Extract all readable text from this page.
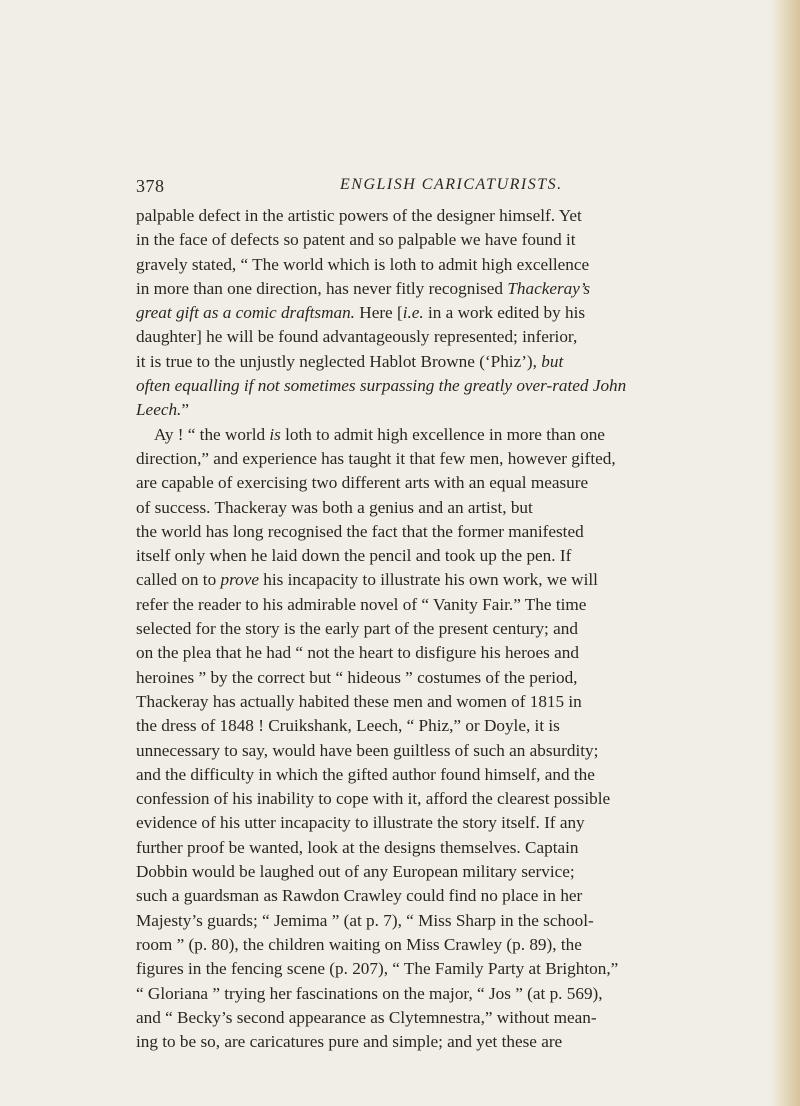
378	ENGLISH CARICATURISTS.
palpable defect in the artistic powers of the designer himself. Yet
in the face of defects so patent and so palpable we have found it
gravely stated, “ The world which is loth to admit high excellence
in more than one direction, has never fitly recognised Thackeray’s
great gift as a comic draftsman. Here [i.e. in a work edited by his
daughter] he will be found advantageously represented; inferior,
it is true to the unjustly neglected Hablot Browne (‘Phiz’), but
often equalling if not sometimes surpassing the greatly over-rated John
Leech.”
Ay ! “ the world is loth to admit high excellence in more than one
direction,” and experience has taught it that few men, however gifted,
are capable of exercising two different arts with an equal measure
of success. Thackeray was both a genius and an artist, but
the world has long recognised the fact that the former manifested
itself only when he laid down the pencil and took up the pen. If
called on to prove his incapacity to illustrate his own work, we will
refer the reader to his admirable novel of “ Vanity Fair.” The time
selected for the story is the early part of the present century; and
on the plea that he had “ not the heart to disfigure his heroes and
heroines ” by the correct but “ hideous ” costumes of the period,
Thackeray has actually habited these men and women of 1815 in
the dress of 1848 ! Cruikshank, Leech, “ Phiz,” or Doyle, it is
unnecessary to say, would have been guiltless of such an absurdity;
and the difficulty in which the gifted author found himself, and the
confession of his inability to cope with it, afford the clearest possible
evidence of his utter incapacity to illustrate the story itself. If any
further proof be wanted, look at the designs themselves. Captain
Dobbin would be laughed out of any European military service;
such a guardsman as Rawdon Crawley could find no place in her
Majesty’s guards; “ Jemima ” (at p. 7), “ Miss Sharp in the school-
room ” (p. 80), the children waiting on Miss Crawley (p. 89), the
figures in the fencing scene (p. 207), “ The Family Party at Brighton,”
“ Gloriana ” trying her fascinations on the major, “ Jos ” (at p. 569),
and “ Becky’s second appearance as Clytemnestra,” without mean-
ing to be so, are caricatures pure and simple; and yet these are
